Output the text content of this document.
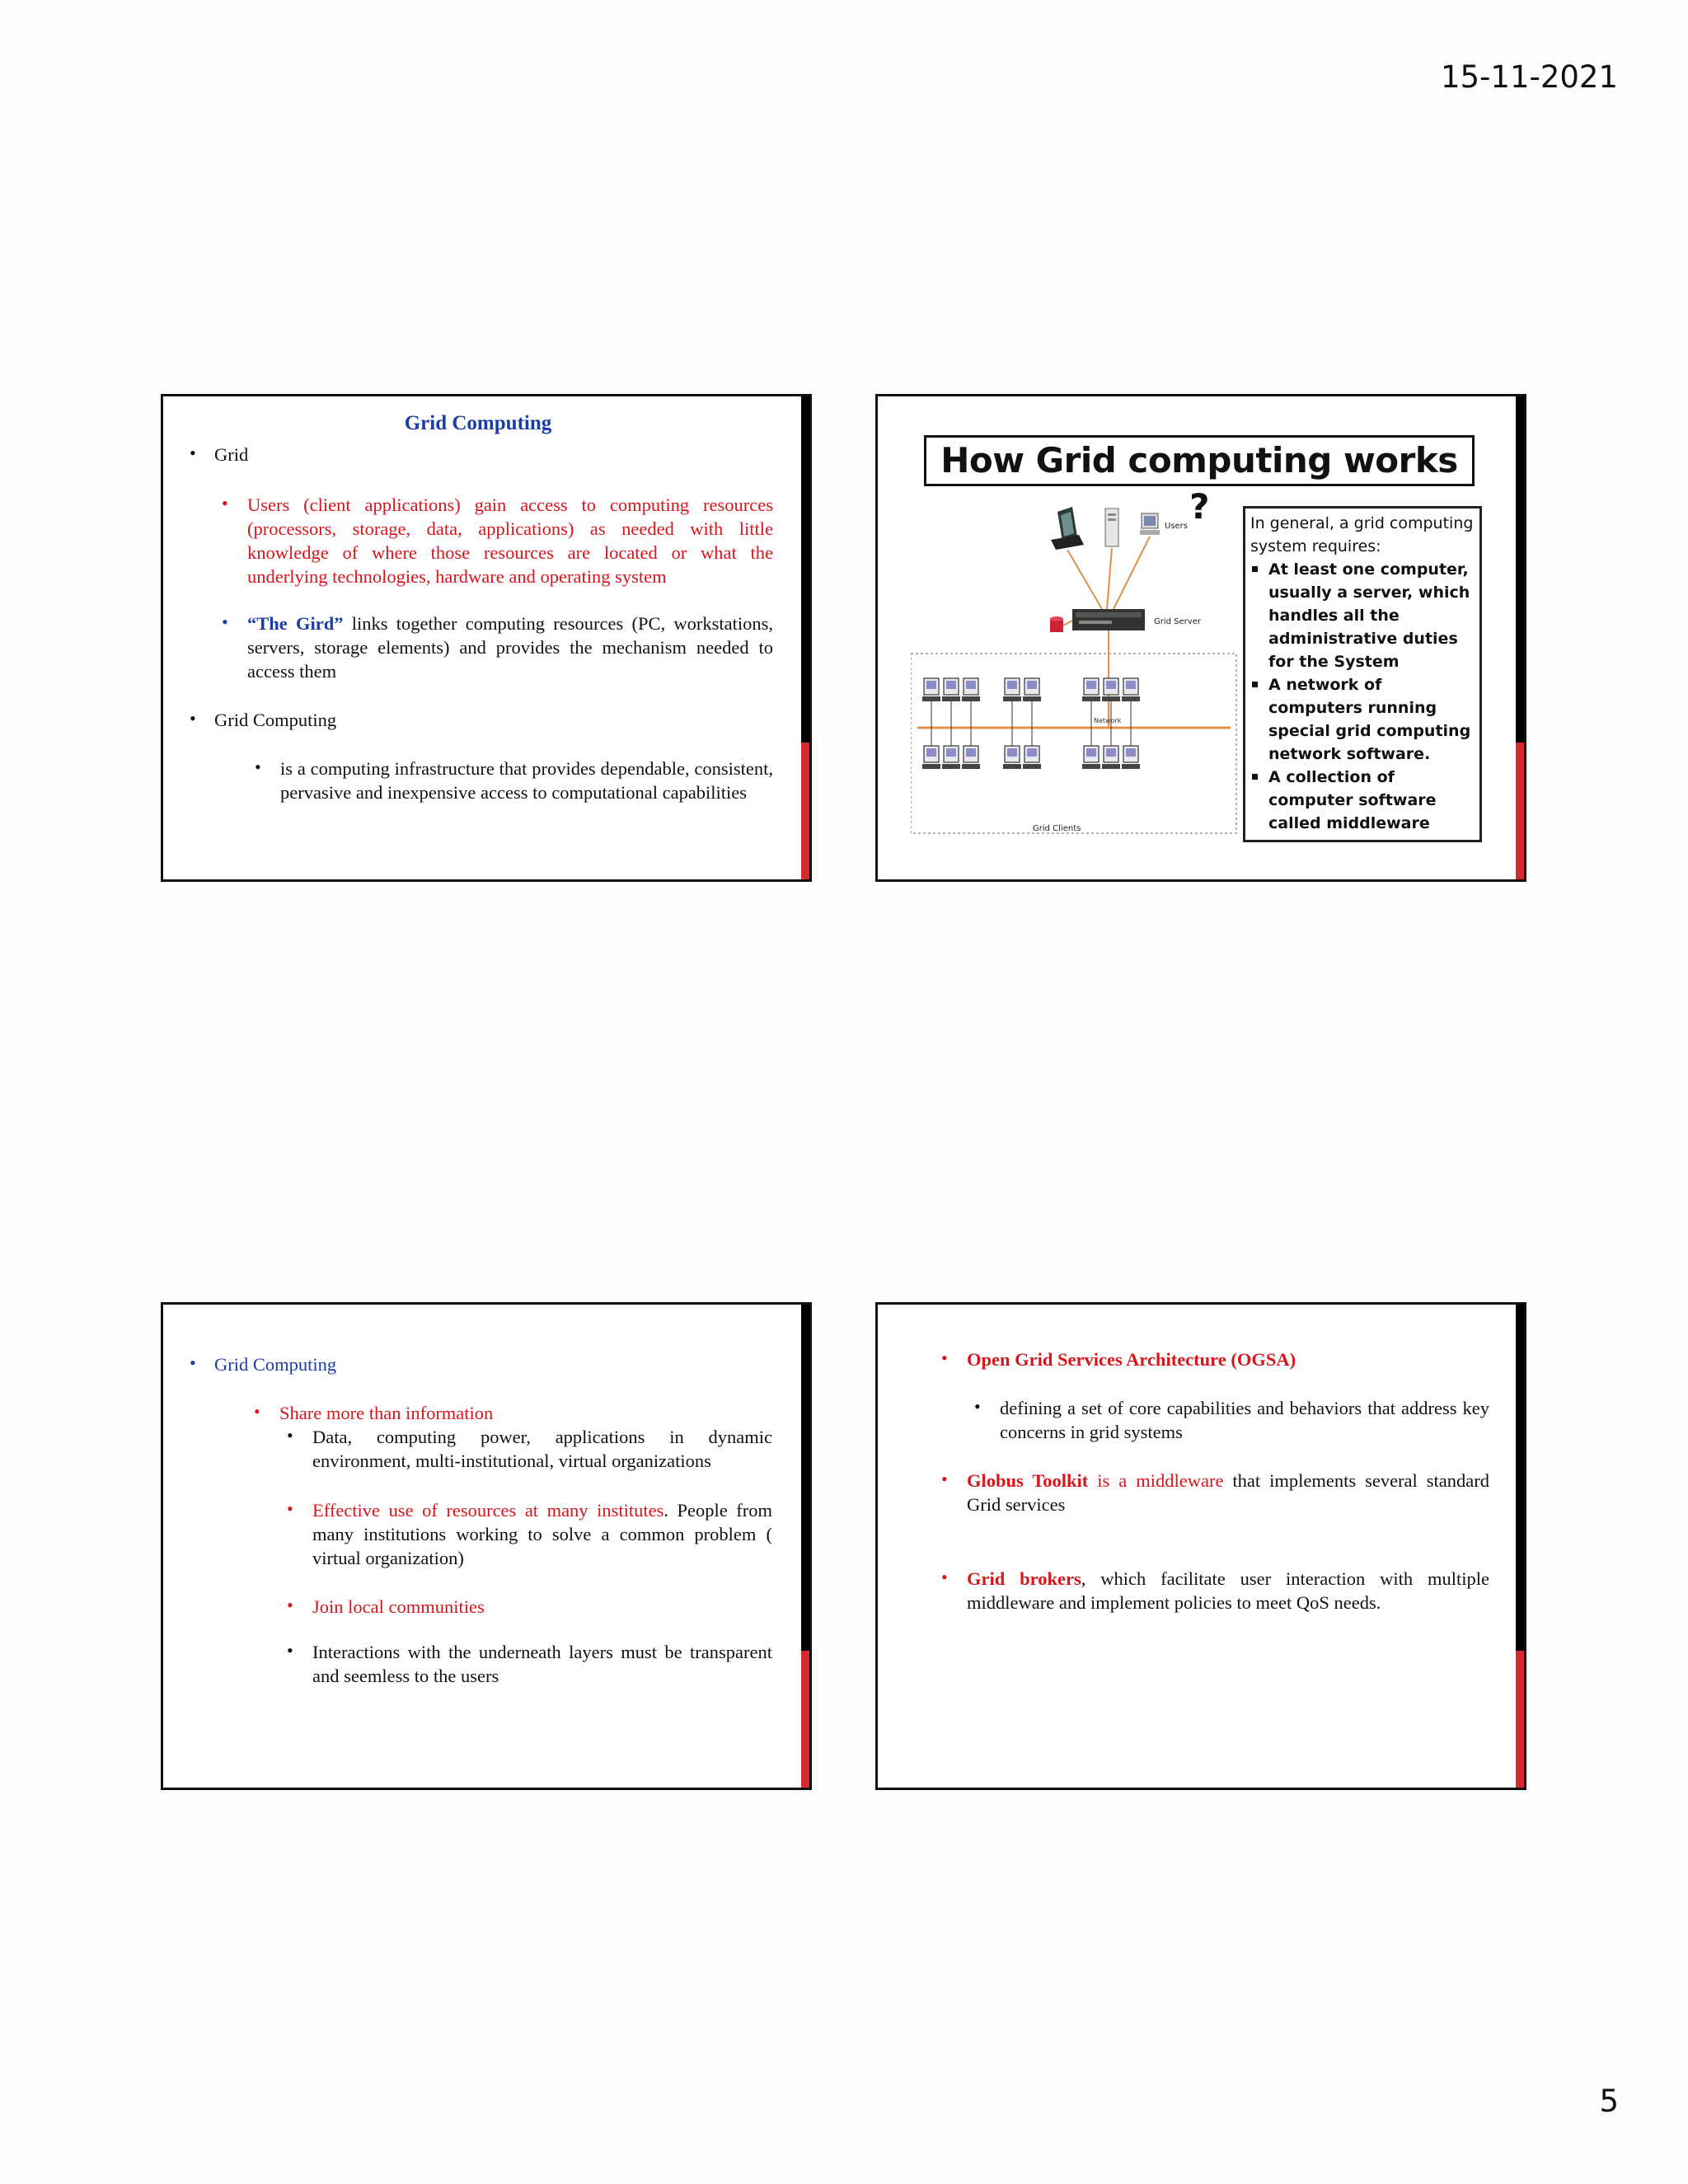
15-11-2021
Grid Computing
• Grid
• Users (client applications) gain access to computing resources (processors, storage, data, applications) as needed with little knowledge of where those resources are located or what the underlying technologies, hardware and operating system
• “The Gird” links together computing resources (PC, workstations, servers, storage elements) and provides the mechanism needed to access them
• Grid Computing
• is a computing infrastructure that provides dependable, consistent, pervasive and inexpensive access to computational capabilities
How Grid computing works ?
Users
Grid Server
Network
Grid Clients
In general, a grid computing system requires:
At least one computer, usually a server, which handles all the administrative duties for the System
A network of computers running special grid computing network software.
A collection of computer software called middleware
• Grid Computing
• Share more than information
• Data, computing power, applications in dynamic environment, multi-institutional, virtual organizations
• Effective use of resources at many institutes. People from many institutions working to solve a common problem ( virtual organization)
• Join local communities
• Interactions with the underneath layers must be transparent and seemless to the users
• Open Grid Services Architecture (OGSA)
• defining a set of core capabilities and behaviors that address key concerns in grid systems
• Globus Toolkit is a middleware that implements several standard Grid services
• Grid brokers, which facilitate user interaction with multiple middleware and implement policies to meet QoS needs.
5
